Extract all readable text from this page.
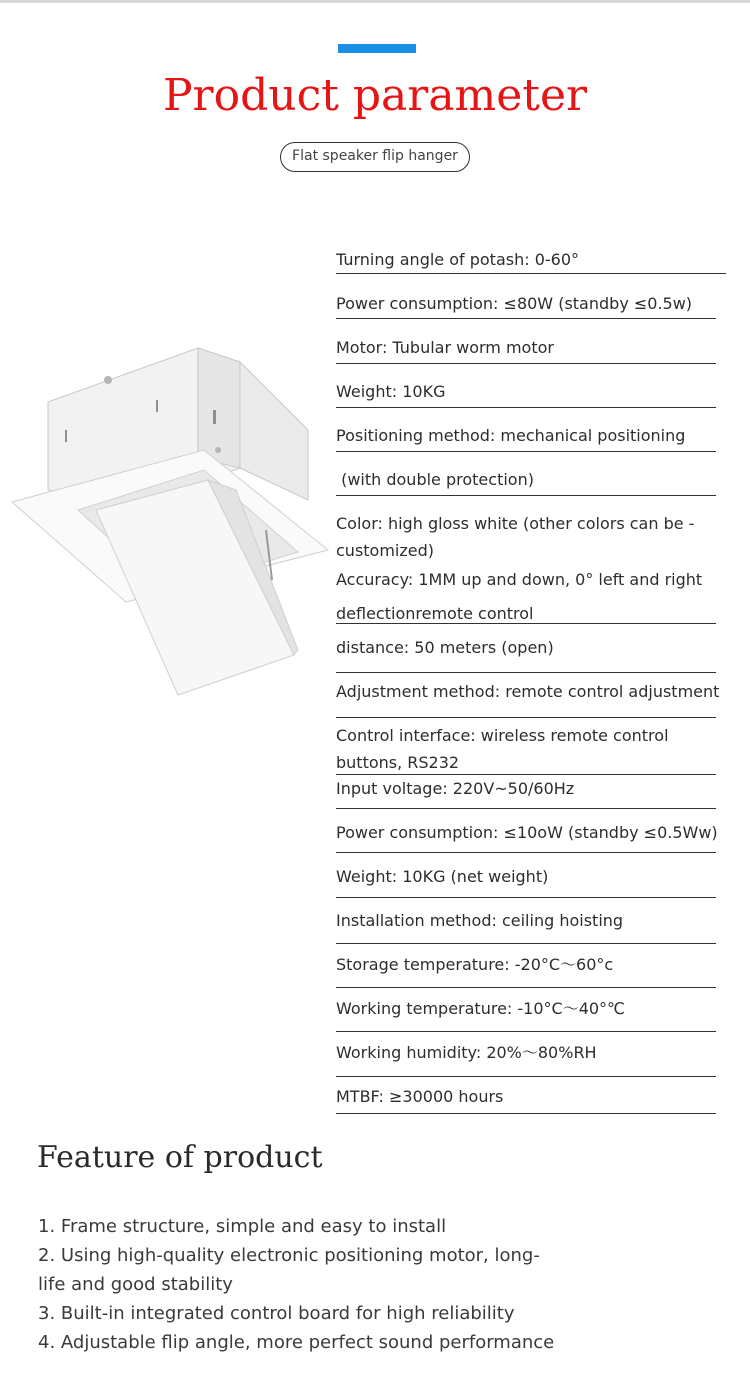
Product parameter
Flat speaker flip hanger
Turning angle of potash: 0-60°
Power consumption: ≤80W (standby ≤0.5w)
Motor: Tubular worm motor
Weight: 10KG
Positioning method: mechanical positioning
(with double protection)
Color: high gloss white (other colors can be - customized)
Accuracy: 1MM up and down, 0° left and right
deflectionremote control
distance: 50 meters (open)
Adjustment method: remote control adjustment
Control interface: wireless remote control buttons, RS232
Input voltage: 220V~50/60Hz
Power consumption: ≤10oW (standby ≤0.5Ww)
Weight: 10KG (net weight)
Installation method: ceiling hoisting
Storage temperature: -20°C～60°c
Working temperature: -10°C～40°℃
Working humidity: 20%～80%RH
MTBF: ≥30000 hours
Feature of product
1. Frame structure, simple and easy to install
2. Using high-quality electronic positioning motor, long-life and good stability
3. Built-in integrated control board for high reliability
4. Adjustable flip angle, more perfect sound performance
